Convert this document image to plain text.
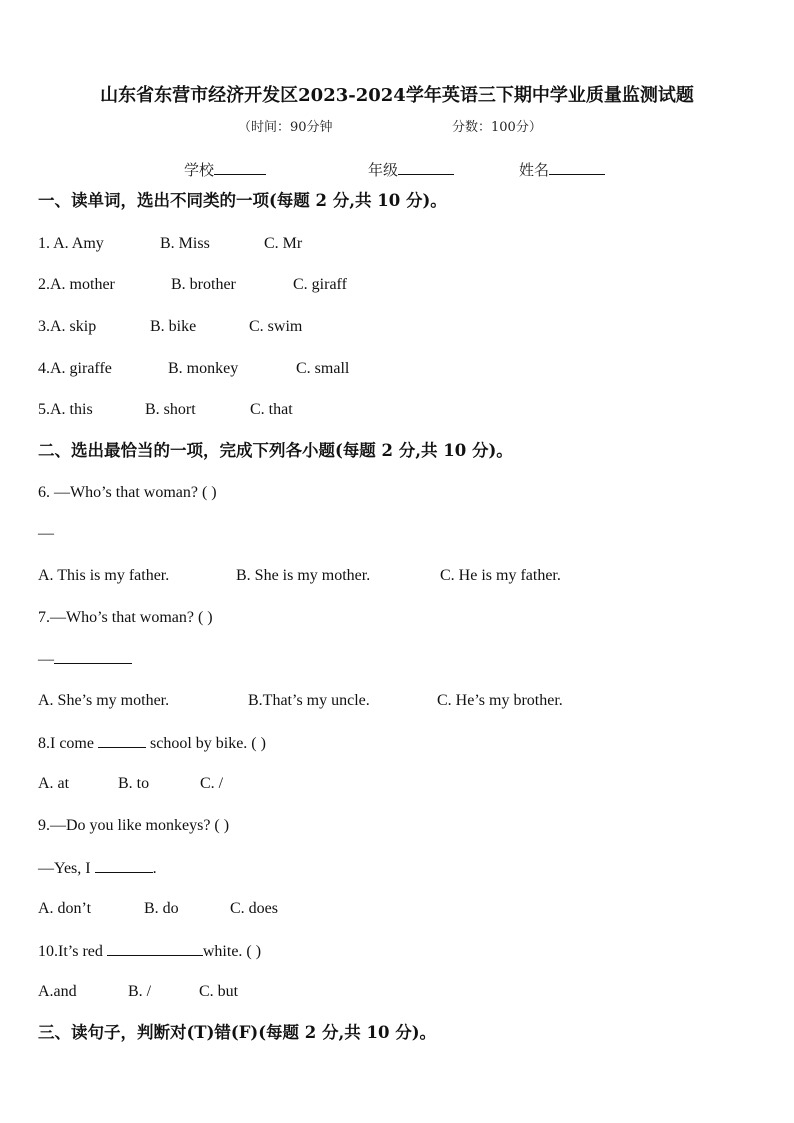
山东省东营市经济开发区2023-2024学年英语三下期中学业质量监测试题
（时间：90分钟	分数：100分）
学校	年级	姓名
一、读单词，选出不同类的一项(每题 2 分,共 10 分)。
1. A. Amy	B. Miss	C. Mr
2.A. mother	B. brother	C. giraff
3.A. skip	B. bike	C. swim
4.A. giraffe	B. monkey	C. small
5.A. this	B. short	C. that
二、选出最恰当的一项，完成下列各小题(每题 2 分,共 10 分)。
6. —Who’s that woman? ( )
—
A. This is my father.	B. She is my mother.	C. He is my father.
7.—Who’s that woman? ( )
—
A. She’s my mother.	B.That’s my uncle.	C. He’s my brother.
8.I come	school by bike. ( )
A. at	B. to	C. /
9.—Do you like monkeys? ( )
—Yes, I	.
A. don’t	B. do	C. does
10.It’s red	white. ( )
A.and	B. /	C. but
三、读句子，判断对(T)错(F)(每题 2 分,共 10 分)。
